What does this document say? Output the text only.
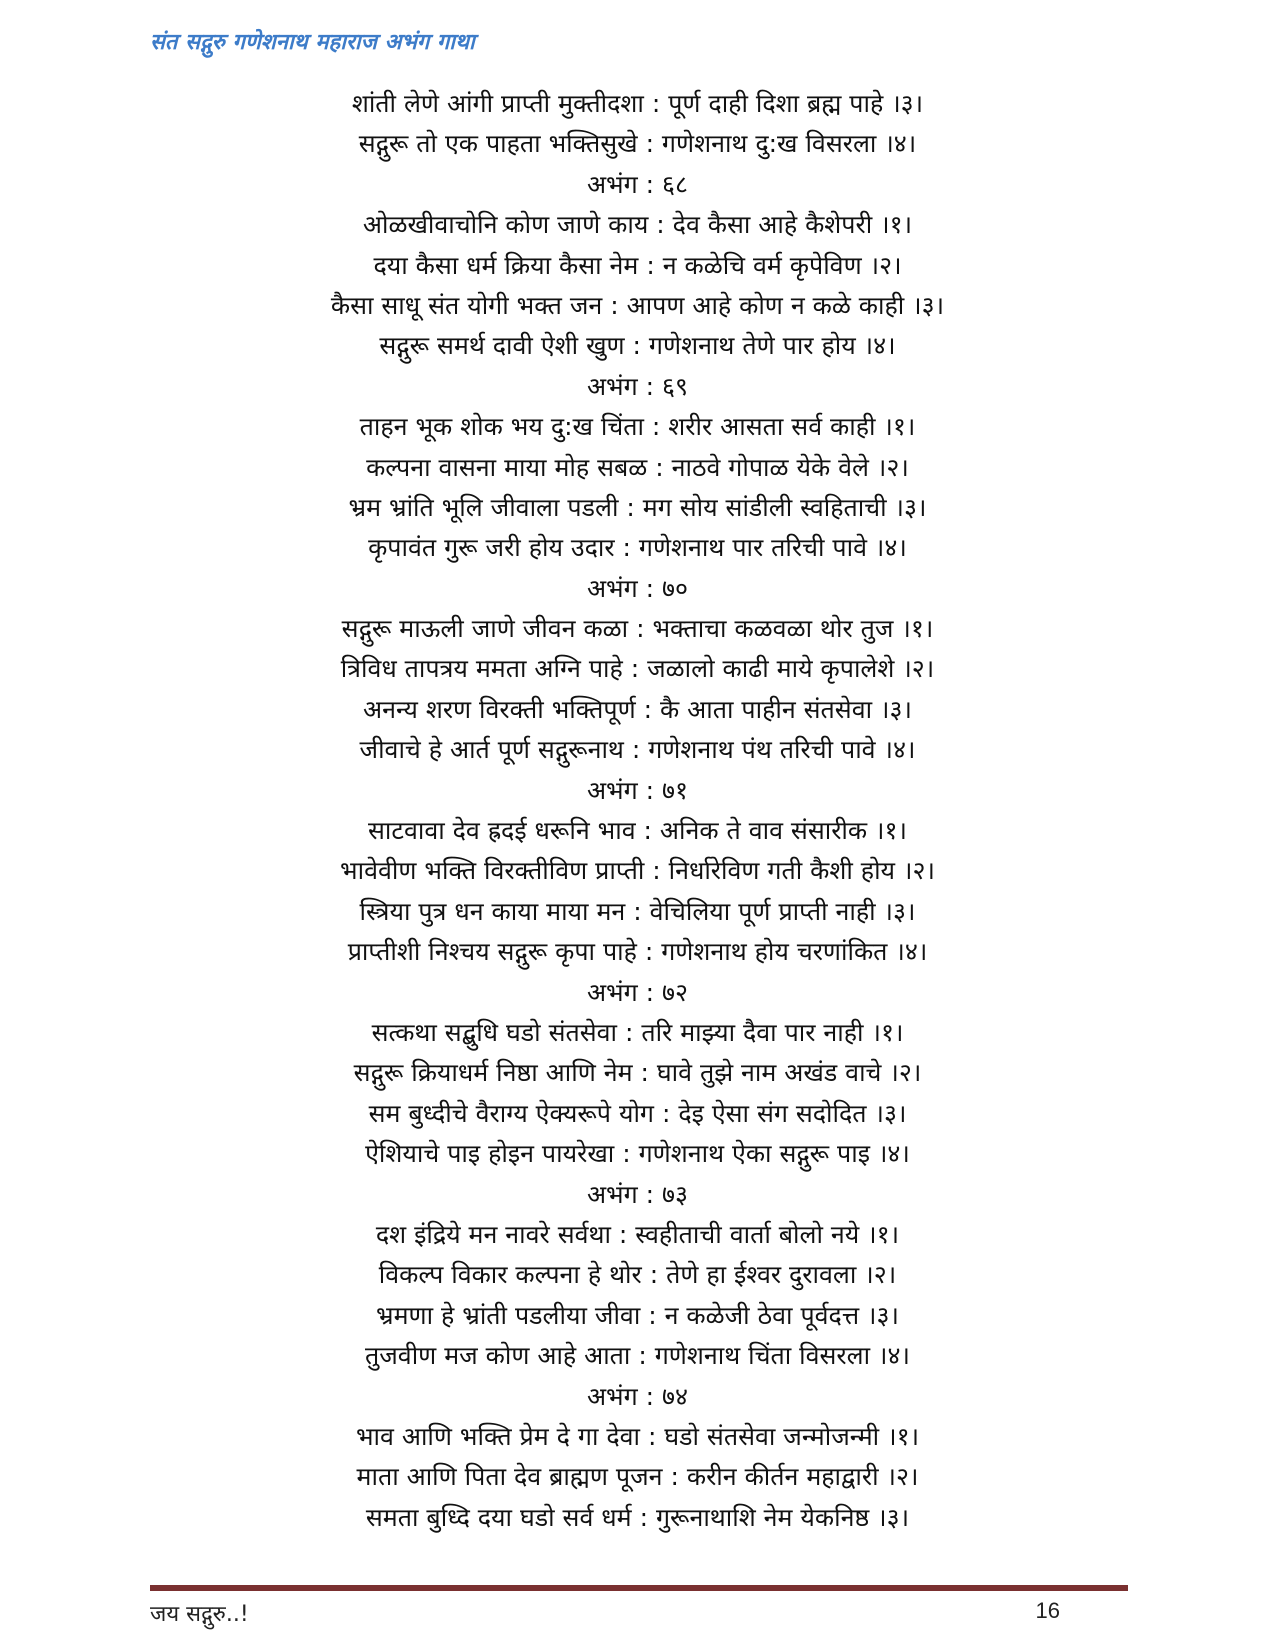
संत सद्गुरु गणेशनाथ महाराज अभंग गाथा
शांती लेणे आंगी प्राप्ती मुक्तीदशा : पूर्ण दाही दिशा ब्रह्म पाहे ।३।
सद्गुरू तो एक पाहता भक्तिसुखे : गणेशनाथ दु:ख विसरला ।४।
अभंग : ६८
ओळखीवाचोनि कोण जाणे काय : देव कैसा आहे कैशेपरी ।१।
दया कैसा धर्म क्रिया कैसा नेम : न कळेचि वर्म कृपेविण ।२।
कैसा साधू संत योगी भक्त जन : आपण आहे कोण न कळे काही ।३।
सद्गुरू समर्थ दावी ऐशी खुण : गणेशनाथ तेणे पार होय ।४।
अभंग : ६९
ताहन भूक शोक भय दु:ख चिंता : शरीर आसता सर्व काही ।१।
कल्पना वासना माया मोह सबळ : नाठवे गोपाळ येके वेले ।२।
भ्रम भ्रांति भूलि जीवाला पडली : मग सोय सांडीली स्वहिताची ।३।
कृपावंत गुरू जरी होय उदार : गणेशनाथ पार तरिची पावे ।४।
अभंग : ७०
सद्गुरू माऊली जाणे जीवन कळा : भक्ताचा कळवळा थोर तुज ।१।
त्रिविध तापत्रय ममता अग्नि पाहे : जळालो काढी माये कृपालेशे ।२।
अनन्य शरण विरक्ती भक्तिपूर्ण : कै आता पाहीन संतसेवा ।३।
जीवाचे हे आर्त पूर्ण सद्गुरूनाथ : गणेशनाथ पंथ तरिची पावे ।४।
अभंग : ७१
साटवावा देव ह्रदई धरूनि भाव : अनिक ते वाव संसारीक ।१।
भावेवीण भक्ति विरक्तीविण प्राप्ती : निर्धारेविण गती कैशी होय ।२।
स्त्रिया पुत्र धन काया माया मन : वेचिलिया पूर्ण प्राप्ती नाही ।३।
प्राप्तीशी निश्चय सद्गुरू कृपा पाहे : गणेशनाथ होय चरणांकित ।४।
अभंग : ७२
सत्कथा सद्बुधि घडो संतसेवा : तरि माझ्या दैवा पार नाही ।१।
सद्गुरू क्रियाधर्म निष्ठा आणि नेम : घावे तुझे नाम अखंड वाचे ।२।
सम बुध्दीचे वैराग्य ऐक्यरूपे योग : देइ ऐसा संग सदोदित ।३।
ऐशियाचे पाइ होइन पायरेखा : गणेशनाथ ऐका सद्गुरू पाइ ।४।
अभंग : ७३
दश इंद्रिये मन नावरे सर्वथा : स्वहीताची वार्ता बोलो नये ।१।
विकल्प विकार कल्पना हे थोर : तेणे हा ईश्वर दुरावला ।२।
भ्रमणा हे भ्रांती पडलीया जीवा : न कळेजी ठेवा पूर्वदत्त ।३।
तुजवीण मज कोण आहे आता : गणेशनाथ चिंता विसरला ।४।
अभंग : ७४
भाव आणि भक्ति प्रेम दे गा देवा : घडो संतसेवा जन्मोजन्मी ।१।
माता आणि पिता देव ब्राह्मण पूजन : करीन कीर्तन महाद्वारी ।२।
समता बुध्दि दया घडो सर्व धर्म : गुरूनाथाशि नेम येकनिष्ठ ।३।
जय सद्गुरु..!	16
